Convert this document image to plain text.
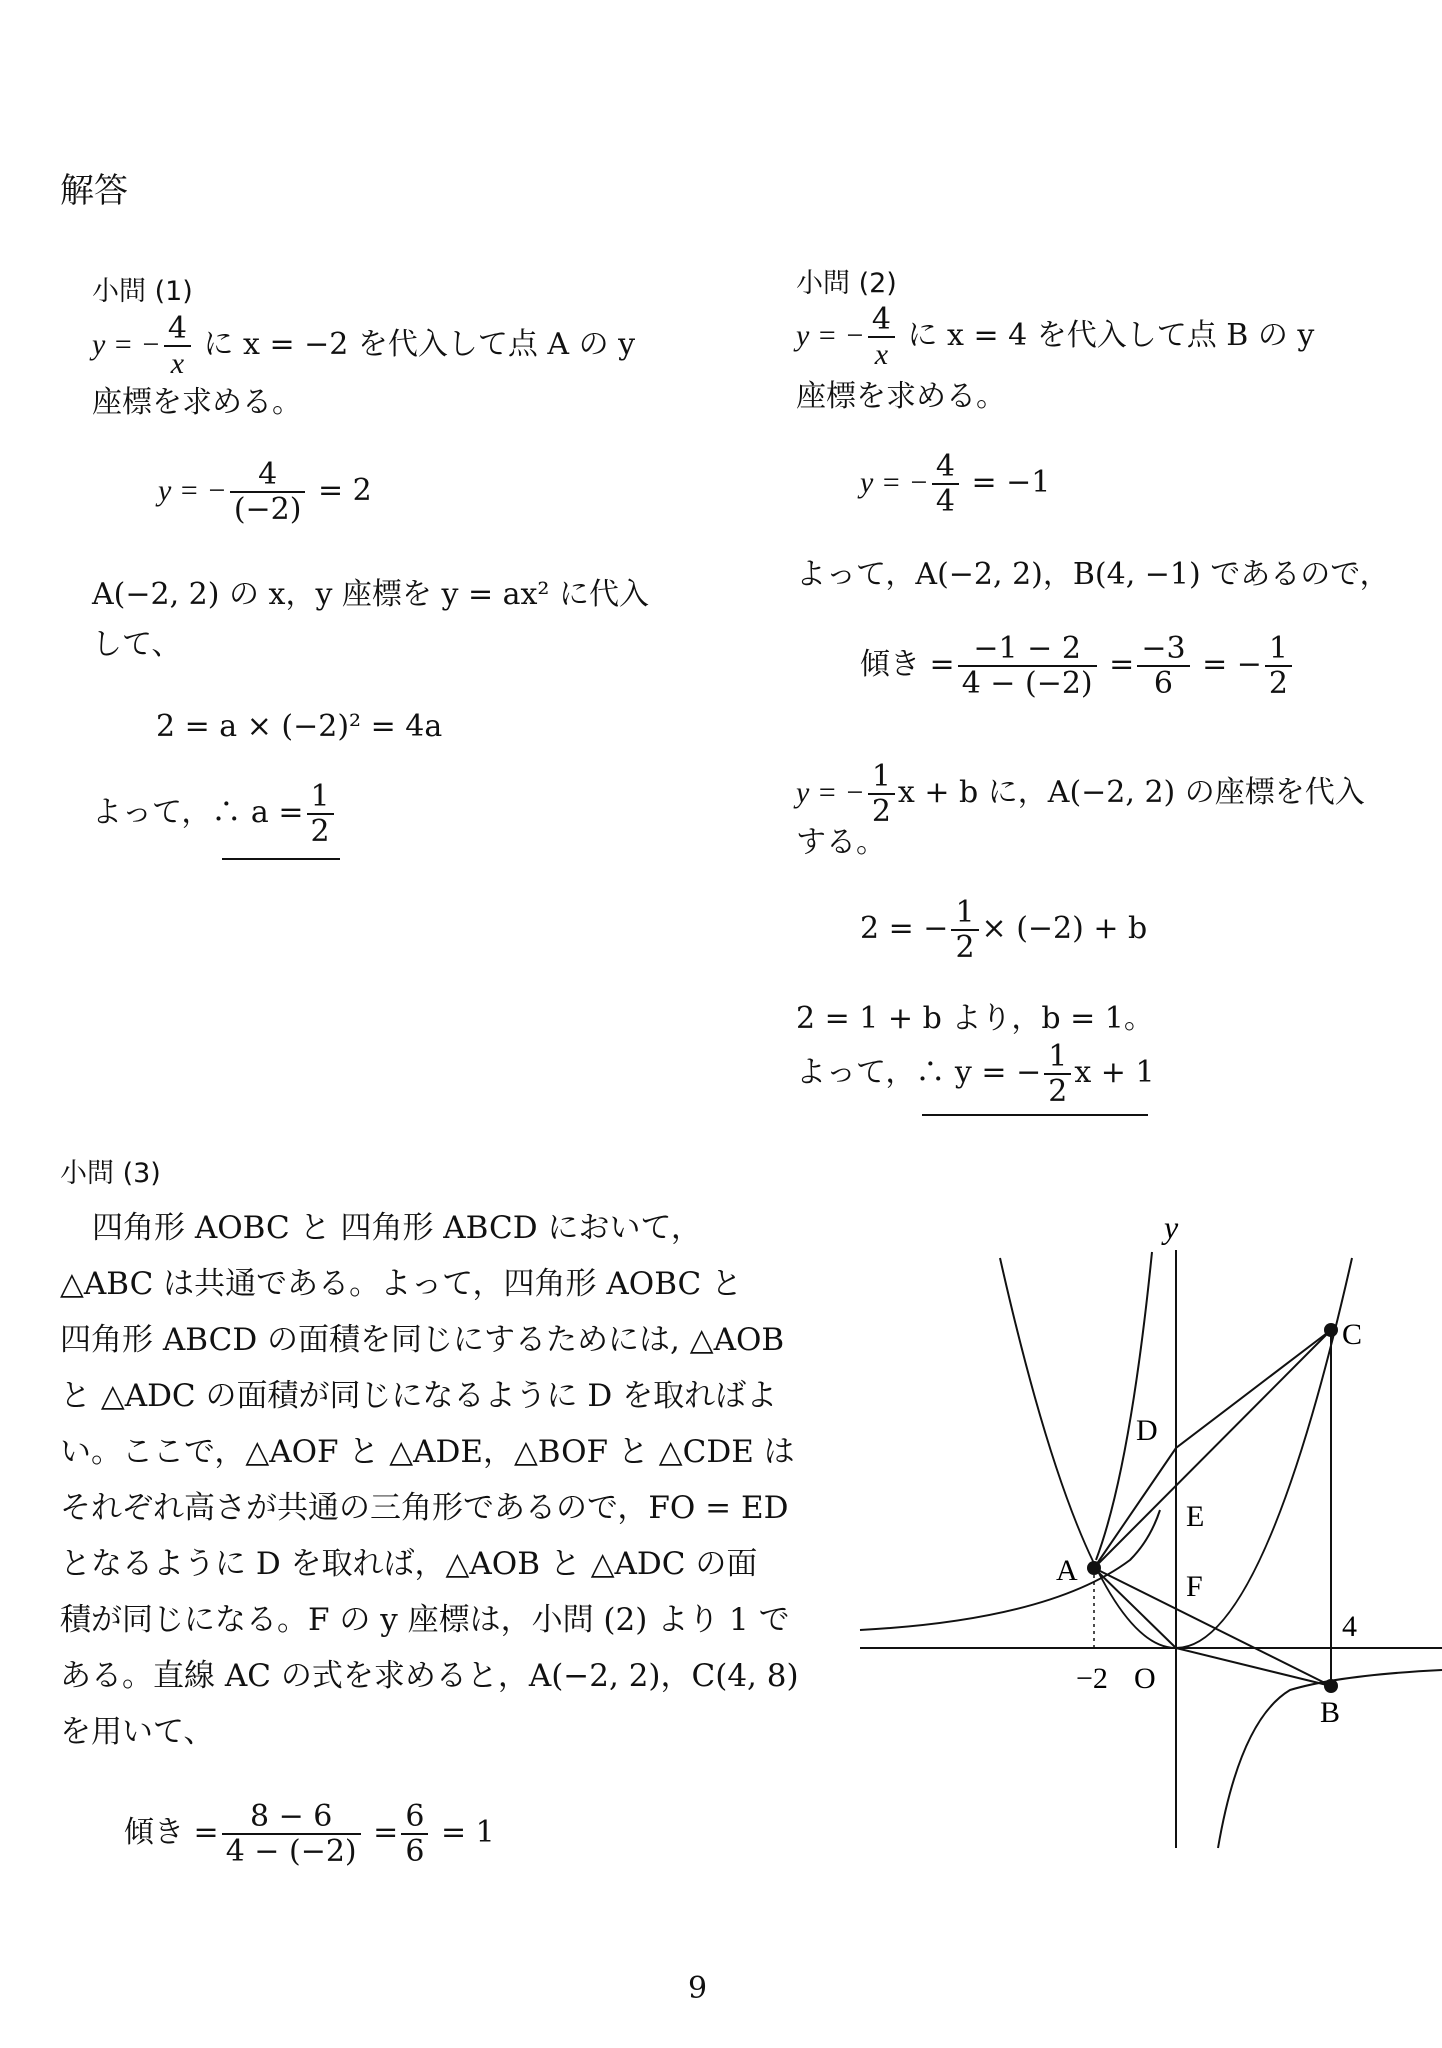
解答
小問 (1)
y = − $\frac{4}{x}$ に x = −2 を代入して点 A の y
座標を求める。
y = − $\frac{4}{(-2)} = 2$
A(−2, 2) の x，y 座標を y = ax² に代入
して、
2 = a × (−2)² = 4a
よって，∴ $a = \frac{1}{2}$
小問 (2)
y = − $\frac{4}{x}$ に x = 4 を代入して点 B の y
座標を求める。
y = − $\frac{4}{4} = -1$
よって，A(−2, 2)，B(4, −1) であるので，
傾き = $\frac{-1 - 2}{4 - (-2)} = \frac{-3}{6}$ = − $\frac{1}{2}$
y = − $\frac{1}{2}$ x + b に，A(−2, 2) の座標を代入
する。
2 = − $\frac{1}{2} \times (-2) + b$
2 = 1 + b より，b = 1。
よって，∴ y = − $\frac{1}{2}$ x + 1
小問 (3)
四角形 AOBC と 四角形 ABCD において，
△ABC は共通である。よって，四角形 AOBC と
四角形 ABCD の面積を同じにするためには, △AOB
と △ADC の面積が同じになるように D を取ればよ
い。ここで，△AOF と △ADE，△BOF と △CDE は
それぞれ高さが共通の三角形であるので，FO = ED
となるように D を取れば，△AOB と △ADC の面
積が同じになる。F の y 座標は，小問 (2) より 1 で
ある。直線 AC の式を求めると，A(−2, 2)，C(4, 8)
を用いて、
傾き = $\frac{8 - 6}{4 - (-2)} = \frac{6}{6} = 1$
y
C
D
E
A	F
4
−2 O
B
9
